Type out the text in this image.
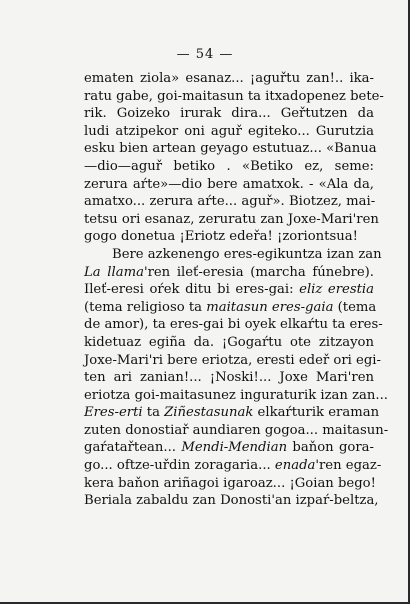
— 54 —
ematen ziola» esanaz... ¡aguřtu zan!.. ika-
ratu gabe, goi-maitasun ta itxadopenez bete-
rik. Goizeko irurak dira... Geřtutzen da
ludi atzipekor oni aguř egiteko... Gurutzia
esku bien artean geyago estutuaz... «Banua
—dio—aguř betiko . «Betiko ez, seme:
zerura aŕte»—dio bere amatxok. - «Ala da,
amatxo... zerura aŕte... aguř». Biotzez, mai-
tetsu ori esanaz, zeruratu zan Joxe-Mari'ren
gogo donetua ¡Eriotz edeřa! ¡zoriontsua!
Bere azkenengo eres-egikuntza izan zan
La llama'ren ileť-eresia (marcha fúnebre).
Ileť-eresi oŕek ditu bi eres-gai: eliz erestia
(tema religioso ta maitasun eres-gaia (tema
de amor), ta eres-gai bi oyek elkaŕtu ta eres-
kidetuaz egiña da. ¡Gogaŕtu ote zitzayon
Joxe-Mari'ri bere eriotza, eresti edeř ori egi-
ten ari zanian!... ¡Noski!... Joxe Mari'ren
eriotza goi-maitasunez inguraturik izan zan...
Eres-erti ta Ziñestasunak elkaŕturik eraman
zuten donostiař aundiaren gogoa... maitasun-
gaŕatařtean... Mendi-Mendian baňon gora-
go... oftze-uřdin zoragaria... enada'ren egaz-
kera baňon ariñagoi igaroaz... ¡Goian bego!
Beriala zabaldu zan Donosti'an izpaŕ-beltza,
